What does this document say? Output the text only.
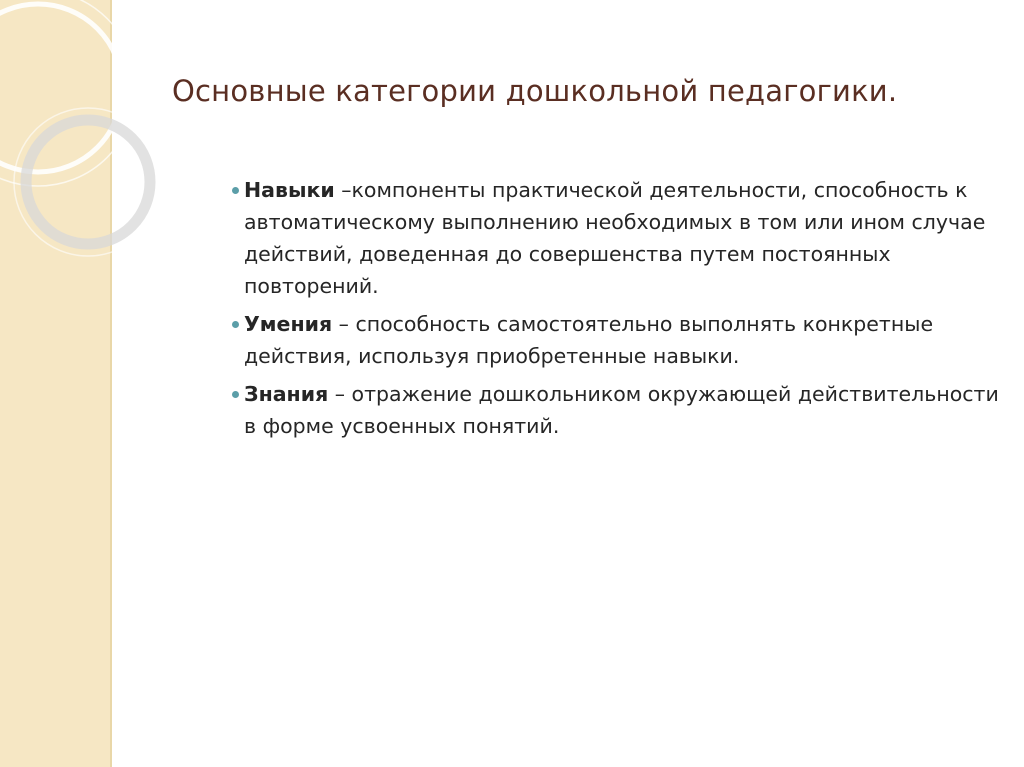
Основные категории дошкольной педагогики.
Навыки –компоненты практической деятельности, способность к автоматическому выполнению необходимых в том или ином случае действий, доведенная до совершенства путем постоянных повторений.
Умения – способность самостоятельно выполнять конкретные действия, используя приобретенные навыки.
Знания – отражение дошкольником окружающей действительности в форме усвоенных понятий.
